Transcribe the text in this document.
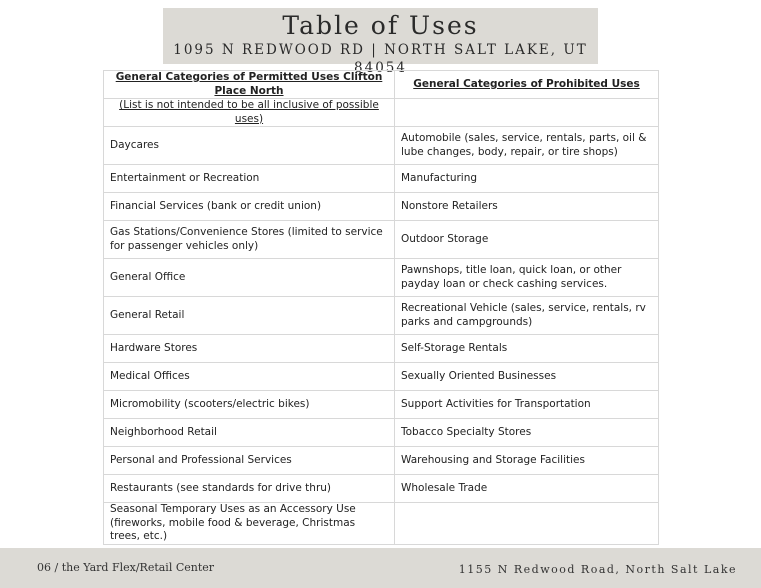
Table of Uses
1095 N REDWOOD RD | NORTH SALT LAKE, UT 84054
General Categories of Permitted Uses Clifton Place North	General Categories of Prohibited Uses
(List is not intended to be all inclusive of possible uses)	
Daycares	Automobile (sales, service, rentals, parts, oil & lube changes, body, repair, or tire shops)
Entertainment or Recreation	Manufacturing
Financial Services (bank or credit union)	Nonstore Retailers
Gas Stations/Convenience Stores (limited to service for passenger vehicles only)	Outdoor Storage
General Office	Pawnshops, title loan, quick loan, or other payday loan or check cashing services.
General Retail	Recreational Vehicle (sales, service, rentals, rv parks and campgrounds)
Hardware Stores	Self-Storage Rentals
Medical Offices	Sexually Oriented Businesses
Micromobility (scooters/electric bikes)	Support Activities for Transportation
Neighborhood Retail	Tobacco Specialty Stores
Personal and Professional Services	Warehousing and Storage Facilities
Restaurants (see standards for drive thru)	Wholesale Trade
Seasonal Temporary Uses as an Accessory Use (fireworks, mobile food & beverage, Christmas trees, etc.)	
06 / the Yard Flex/Retail Center	1155 N Redwood Road, North Salt Lake
